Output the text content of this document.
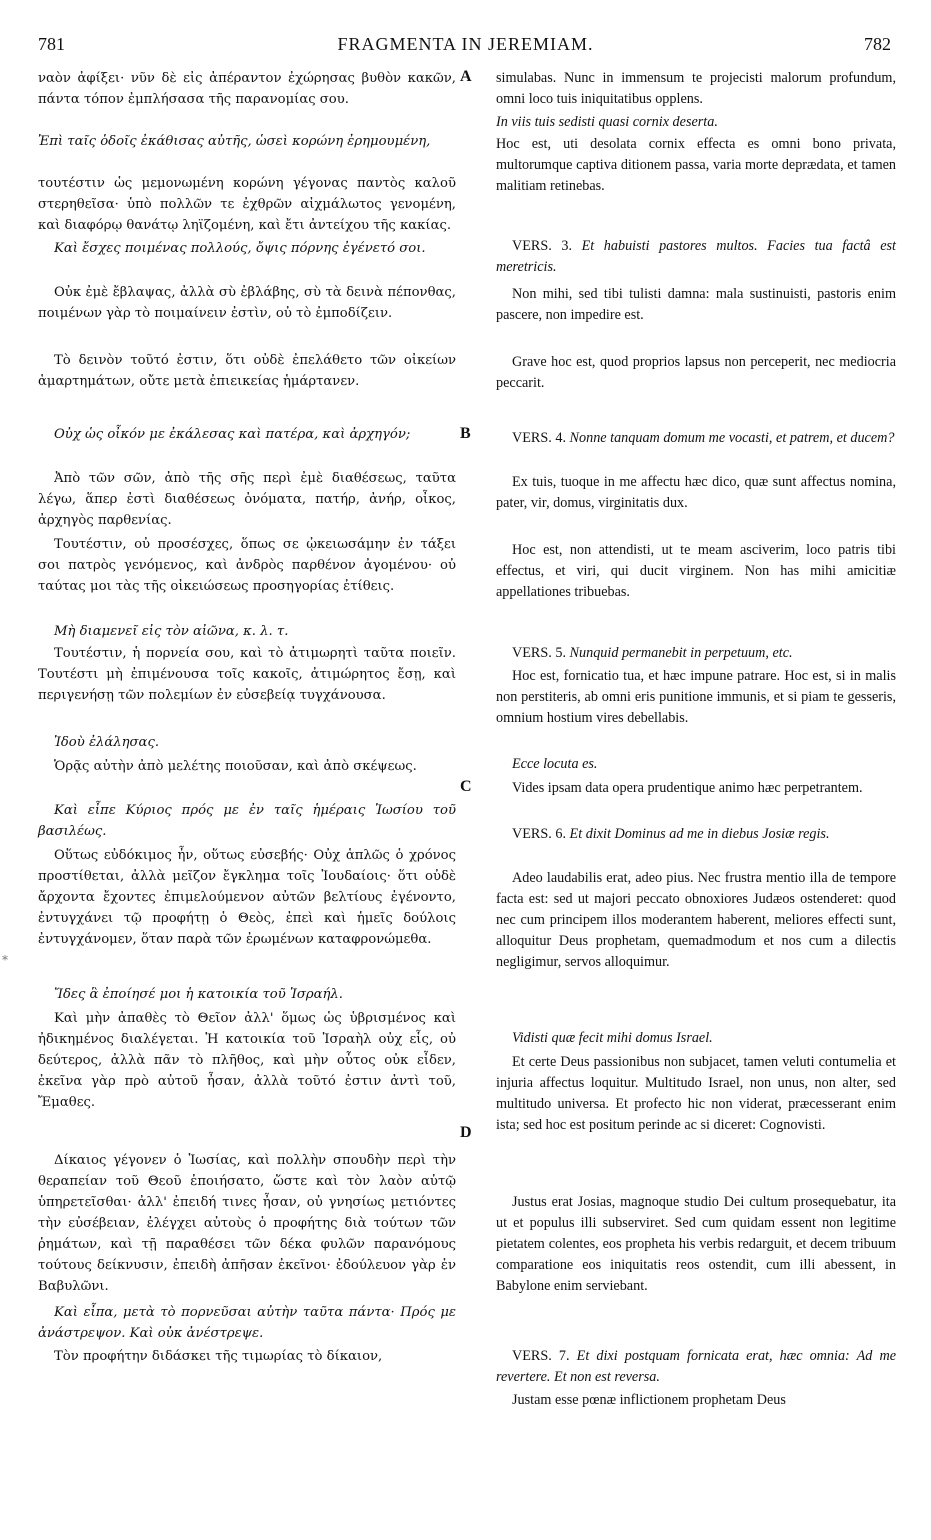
781	FRAGMENTA IN JEREMIAM.	782
*
A
B
C
D

ναὸν ἀφίξει· νῦν δὲ εἰς ἀπέραντον ἐχώρησας βυθὸν κακῶν, πάντα τόπον ἐμπλήσασα τῆς παρανομίας σου.

Ἐπὶ ταῖς ὁδοῖς ἐκάθισας αὐτῆς, ὡσεὶ κορώνη ἐρημουμένη,

τουτέστιν ὡς μεμονωμένη κορώνη γέγονας παντὸς καλοῦ στερηθεῖσα· ὑπὸ πολλῶν τε ἐχθρῶν αἰχμάλωτος γενομένη, καὶ διαφόρῳ θανάτῳ ληϊζομένη, καὶ ἔτι ἀντείχου τῆς κακίας.

Καὶ ἔσχες ποιμένας πολλούς, ὄψις πόρνης ἐγένετό σοι.

Οὐκ ἐμὲ ἔβλαψας, ἀλλὰ σὺ ἐβλάβης, σὺ τὰ δεινὰ πέπονθας, ποιμένων γὰρ τὸ ποιμαίνειν ἐστὶν, οὐ τὸ ἐμποδίζειν.

Τὸ δεινὸν τοῦτό ἐστιν, ὅτι οὐδὲ ἐπελάθετο τῶν οἰκείων ἁμαρτημάτων, οὔτε μετὰ ἐπιεικείας ἡμάρτανεν.

Οὐχ ὡς οἶκόν με ἐκάλεσας καὶ πατέρα, καὶ ἀρχηγόν;

Ἀπὸ τῶν σῶν, ἀπὸ τῆς σῆς περὶ ἐμὲ διαθέσεως, ταῦτα λέγω, ἅπερ ἐστὶ διαθέσεως ὀνόματα, πατήρ, ἀνήρ, οἶκος, ἀρχηγὸς παρθενίας.

Τουτέστιν, οὐ προσέσχες, ὅπως σε ᾠκειωσάμην ἐν τάξει σοι πατρὸς γενόμενος, καὶ ἀνδρὸς παρθένον ἀγομένου· οὐ ταύτας μοι τὰς τῆς οἰκειώσεως προσηγορίας ἐτίθεις.

Μὴ διαμενεῖ εἰς τὸν αἰῶνα, κ. λ. τ.

Τουτέστιν, ἡ πορνεία σου, καὶ τὸ ἀτιμωρητὶ ταῦτα ποιεῖν. Τουτέστι μὴ ἐπιμένουσα τοῖς κακοῖς, ἀτιμώρητος ἔσῃ, καὶ περιγενήσῃ τῶν πολεμίων ἐν εὐσεβείᾳ τυγχάνουσα.

Ἰδοὺ ἐλάλησας.

Ὁρᾷς αὐτὴν ἀπὸ μελέτης ποιοῦσαν, καὶ ἀπὸ σκέψεως.

Καὶ εἶπε Κύριος πρός με ἐν ταῖς ἡμέραις Ἰωσίου τοῦ βασιλέως.

Οὕτως εὐδόκιμος ἦν, οὕτως εὐσεβής· Οὐχ ἁπλῶς ὁ χρόνος προστίθεται, ἀλλὰ μεῖζον ἔγκλημα τοῖς Ἰουδαίοις· ὅτι οὐδὲ ἄρχοντα ἔχοντες ἐπιμελούμενον αὐτῶν βελτίους ἐγένοντο, ἐντυγχάνει τῷ προφήτῃ ὁ Θεὸς, ἐπεὶ καὶ ἡμεῖς δούλοις ἐντυγχάνομεν, ὅταν παρὰ τῶν ἐρωμένων καταφρονώμεθα.

Ἴδες ἃ ἐποίησέ μοι ἡ κατοικία τοῦ Ἰσραήλ.

Καὶ μὴν ἀπαθὲς τὸ Θεῖον ἀλλ' ὅμως ὡς ὑβρισμένος καὶ ἠδικημένος διαλέγεται. Ἡ κατοικία τοῦ Ἰσραὴλ οὐχ εἷς, οὐ δεύτερος, ἀλλὰ πᾶν τὸ πλῆθος, καὶ μὴν οὗτος οὐκ εἶδεν, ἐκεῖνα γὰρ πρὸ αὐτοῦ ἦσαν, ἀλλὰ τοῦτό ἐστιν ἀντὶ τοῦ, Ἔμαθες.

Δίκαιος γέγονεν ὁ Ἰωσίας, καὶ πολλὴν σπουδὴν περὶ τὴν θεραπείαν τοῦ Θεοῦ ἐποιήσατο, ὥστε καὶ τὸν λαὸν αὐτῷ ὑπηρετεῖσθαι· ἀλλ' ἐπειδή τινες ἦσαν, οὐ γνησίως μετιόντες τὴν εὐσέβειαν, ἐλέγχει αὐτοὺς ὁ προφήτης διὰ τούτων τῶν ῥημάτων, καὶ τῇ παραθέσει τῶν δέκα φυλῶν παρανόμους τούτους δείκνυσιν, ἐπειδὴ ἀπῆσαν ἐκεῖνοι· ἐδούλευον γὰρ ἐν Βαβυλῶνι.

Καὶ εἶπα, μετὰ τὸ πορνεῦσαι αὐτὴν ταῦτα πάντα· Πρός με ἀνάστρεψον. Καὶ οὐκ ἀνέστρεψε.

Τὸν προφήτην διδάσκει τῆς τιμωρίας τὸ δίκαιον,

simulabas. Nunc in immensum te projecisti malorum profundum, omni loco tuis iniquitatibus opplens.

In viis tuis sedisti quasi cornix deserta.

Hoc est, uti desolata cornix effecta es omni bono privata, multorumque captiva ditionem passa, varia morte deprædata, et tamen malitiam retinebas.

VERS. 3. Et habuisti pastores multos. Facies tua factâ est meretricis.

Non mihi, sed tibi tulisti damna: mala sustinuisti, pastoris enim pascere, non impedire est.

Grave hoc est, quod proprios lapsus non perceperit, nec mediocria peccarit.

VERS. 4. Nonne tanquam domum me vocasti, et patrem, et ducem?

Ex tuis, tuoque in me affectu hæc dico, quæ sunt affectus nomina, pater, vir, domus, virginitatis dux.

Hoc est, non attendisti, ut te meam asciverim, loco patris tibi effectus, et viri, qui ducit virginem. Non has mihi amicitiæ appellationes tribuebas.

VERS. 5. Nunquid permanebit in perpetuum, etc.

Hoc est, fornicatio tua, et hæc impune patrare. Hoc est, si in malis non perstiteris, ab omni eris punitione immunis, et si piam te gesseris, omnium hostium vires debellabis.

Ecce locuta es.

Vides ipsam data opera prudentique animo hæc perpetrantem.

VERS. 6. Et dixit Dominus ad me in diebus Josiæ regis.

Adeo laudabilis erat, adeo pius. Nec frustra mentio illa de tempore facta est: sed ut majori peccato obnoxiores Judæos ostenderet: quod nec cum principem illos moderantem haberent, meliores effecti sunt, alloquitur Deus prophetam, quemadmodum et nos cum a dilectis negligimur, servos alloquimur.

Vidisti quæ fecit mihi domus Israel.

Et certe Deus passionibus non subjacet, tamen veluti contumelia et injuria affectus loquitur. Multitudo Israel, non unus, non alter, sed multitudo universa. Et profecto hic non viderat, præcesserant enim ista; sed hoc est positum perinde ac si diceret: Cognovisti.

Justus erat Josias, magnoque studio Dei cultum prosequebatur, ita ut et populus illi subserviret. Sed cum quidam essent non legitime pietatem colentes, eos propheta his verbis redarguit, et decem tribuum comparatione eos iniquitatis reos ostendit, cum illi abessent, in Babylone enim serviebant.

VERS. 7. Et dixi postquam fornicata erat, hæc omnia: Ad me revertere. Et non est reversa.

Justam esse pœnæ inflictionem prophetam Deus
